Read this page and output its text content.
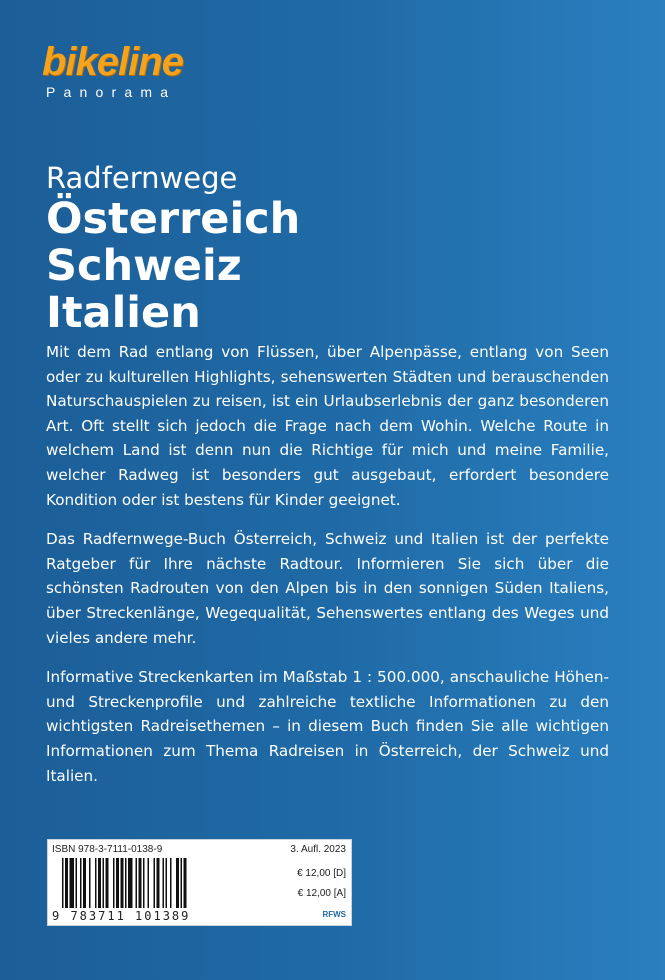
bikeline
Panorama
Radfernwege
Österreich
Schweiz
Italien

Mit dem Rad entlang von Flüssen, über Alpenpässe, entlang von Seen oder zu kulturellen Highlights, sehenswerten Städten und berauschenden Naturschauspielen zu reisen, ist ein Urlaubserlebnis der ganz besonderen Art. Oft stellt sich jedoch die Frage nach dem Wohin. Welche Route in welchem Land ist denn nun die Richtige für mich und meine Familie, welcher Radweg ist besonders gut ausgebaut, erfordert besondere Kondition oder ist bestens für Kinder geeignet.

Das Radfernwege-Buch Österreich, Schweiz und Italien ist der perfekte Ratgeber für Ihre nächste Radtour. Informieren Sie sich über die schönsten Radrouten von den Alpen bis in den sonnigen Süden Italiens, über Streckenlänge, Wegequalität, Sehenswertes entlang des Weges und vieles andere mehr.

Informative Streckenkarten im Maßstab 1 : 500.000, anschauliche Höhen- und Streckenprofile und zahlreiche textliche Informationen zu den wichtigsten Radreisethemen – in diesem Buch finden Sie alle wichtigen Informationen zum Thema Radreisen in Österreich, der Schweiz und Italien.

ISBN 978-3-7111-0138-9	3. Aufl. 2023
9 783711 101389
€ 12,00 [D]
€ 12,00 [A]
RFWS
